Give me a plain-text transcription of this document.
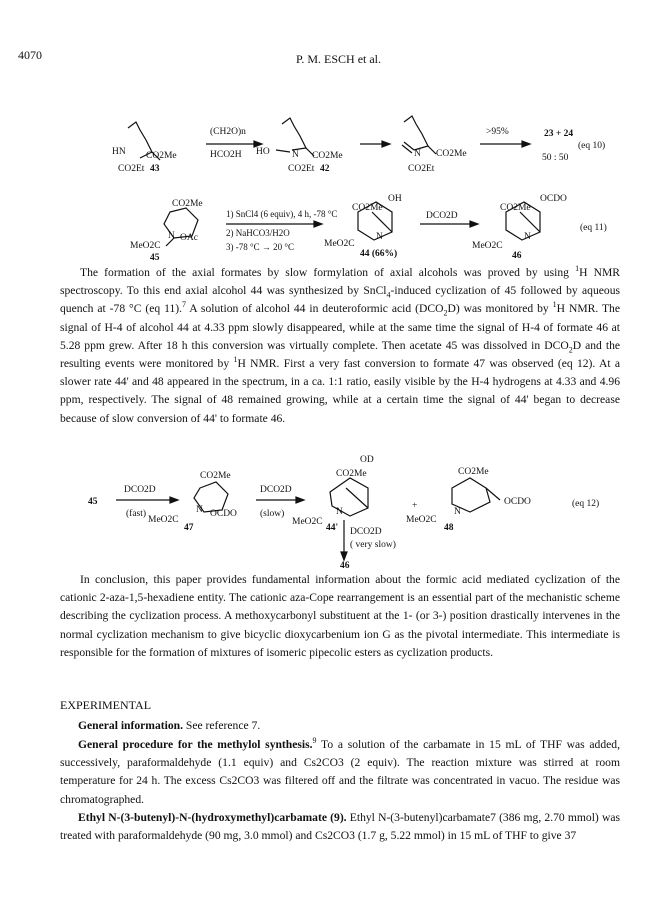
4070	P. M. ESCH et al.
HN CO2Me
CO2Et 43
(CH2O)n
HCO2H HO N CO2Me
CO2Et 42
N CO2Me
CO2Et
>95%	23 + 24
50 : 50
(eq 10)
CO2Me
MeO2C
N OAc
45
1) SnCl4 (6 equiv), 4 h, -78 °C
2) NaHCO3/H2O
3) -78 °C → 20 °C
CO2Me
OH
N
MeO2C
44 (66%)
DCO2D
CO2Me
OCDO
N
MeO2C
46
(eq 11)

The formation of the axial formates by slow formylation of axial alcohols was proved by using $^1$H NMR spectroscopy. To this end axial alcohol 44 was synthesized by SnCl$_4$-induced cyclization of 45 followed by aqueous quench at -78 °C (eq 11).$^7$ A solution of alcohol 44 in deuteroformic acid $(DCO_2D)$ was monitored by $^1$H NMR. The signal of H-4 of alcohol 44 at 4.33 ppm slowly disappeared, while at the same time the signal of H-4 of formate 46 at 5.28 ppm grew. After 18 h this conversion was virtually complete. Then acetate 45 was dissolved in $DCO_2D$ and the resulting events were monitored by $^1$H NMR. First a very fast conversion to formate 47 was observed (eq 12). At a slower rate 44' and 48 appeared in the spectrum, in a ca. 1:1 ratio, easily visible by the H-4 hydrogens at 4.33 and 4.96 ppm, respectively. The signal of 48 remained growing, while at a certain time the signal of 44' began to decrease because of slow conversion of 44' to formate 46.

45
DCO2D
(fast)
CO2Me
N OCDO
MeO2C
47
DCO2D
(slow)
OD
CO2Me
N
MeO2C
44' DCO2D
( very slow)
46
+
CO2Me
OCDO
N
MeO2C
48
(eq 12)

In conclusion, this paper provides fundamental information about the formic acid mediated cyclization of the cationic 2-aza-1,5-hexadiene entity. The cationic aza-Cope rearrangement is an essential part of the mechanistic scheme describing the cyclization process. A methoxycarbonyl substituent at the 1- (or 3-) position drastically intervenes in the normal cyclization mechanism to give bicyclic dioxycarbenium ion G as the pivotal intermediate. This intermediate is responsible for the formation of mixtures of isomeric pipecolic esters as cyclization products.

EXPERIMENTAL

General information. See reference 7.

General procedure for the methylol synthesis.$^9$ To a solution of the carbamate in 15 mL of THF was added, successively, paraformaldehyde (1.1 equiv) and Cs2CO3 (2 equiv). The reaction mixture was stirred at room temperature for 24 h. The excess Cs2CO3 was filtered off and the filtrate was concentrated in vacuo. The residue was chromatographed.

Ethyl N-(3-butenyl)-N-(hydroxymethyl)carbamate (9). Ethyl N-(3-butenyl)carbamate7 (386 mg, 2.70 mmol) was treated with paraformaldehyde (90 mg, 3.0 mmol) and Cs2CO3 (1.7 g, 5.22 mmol) in 15 mL of THF to give 37
